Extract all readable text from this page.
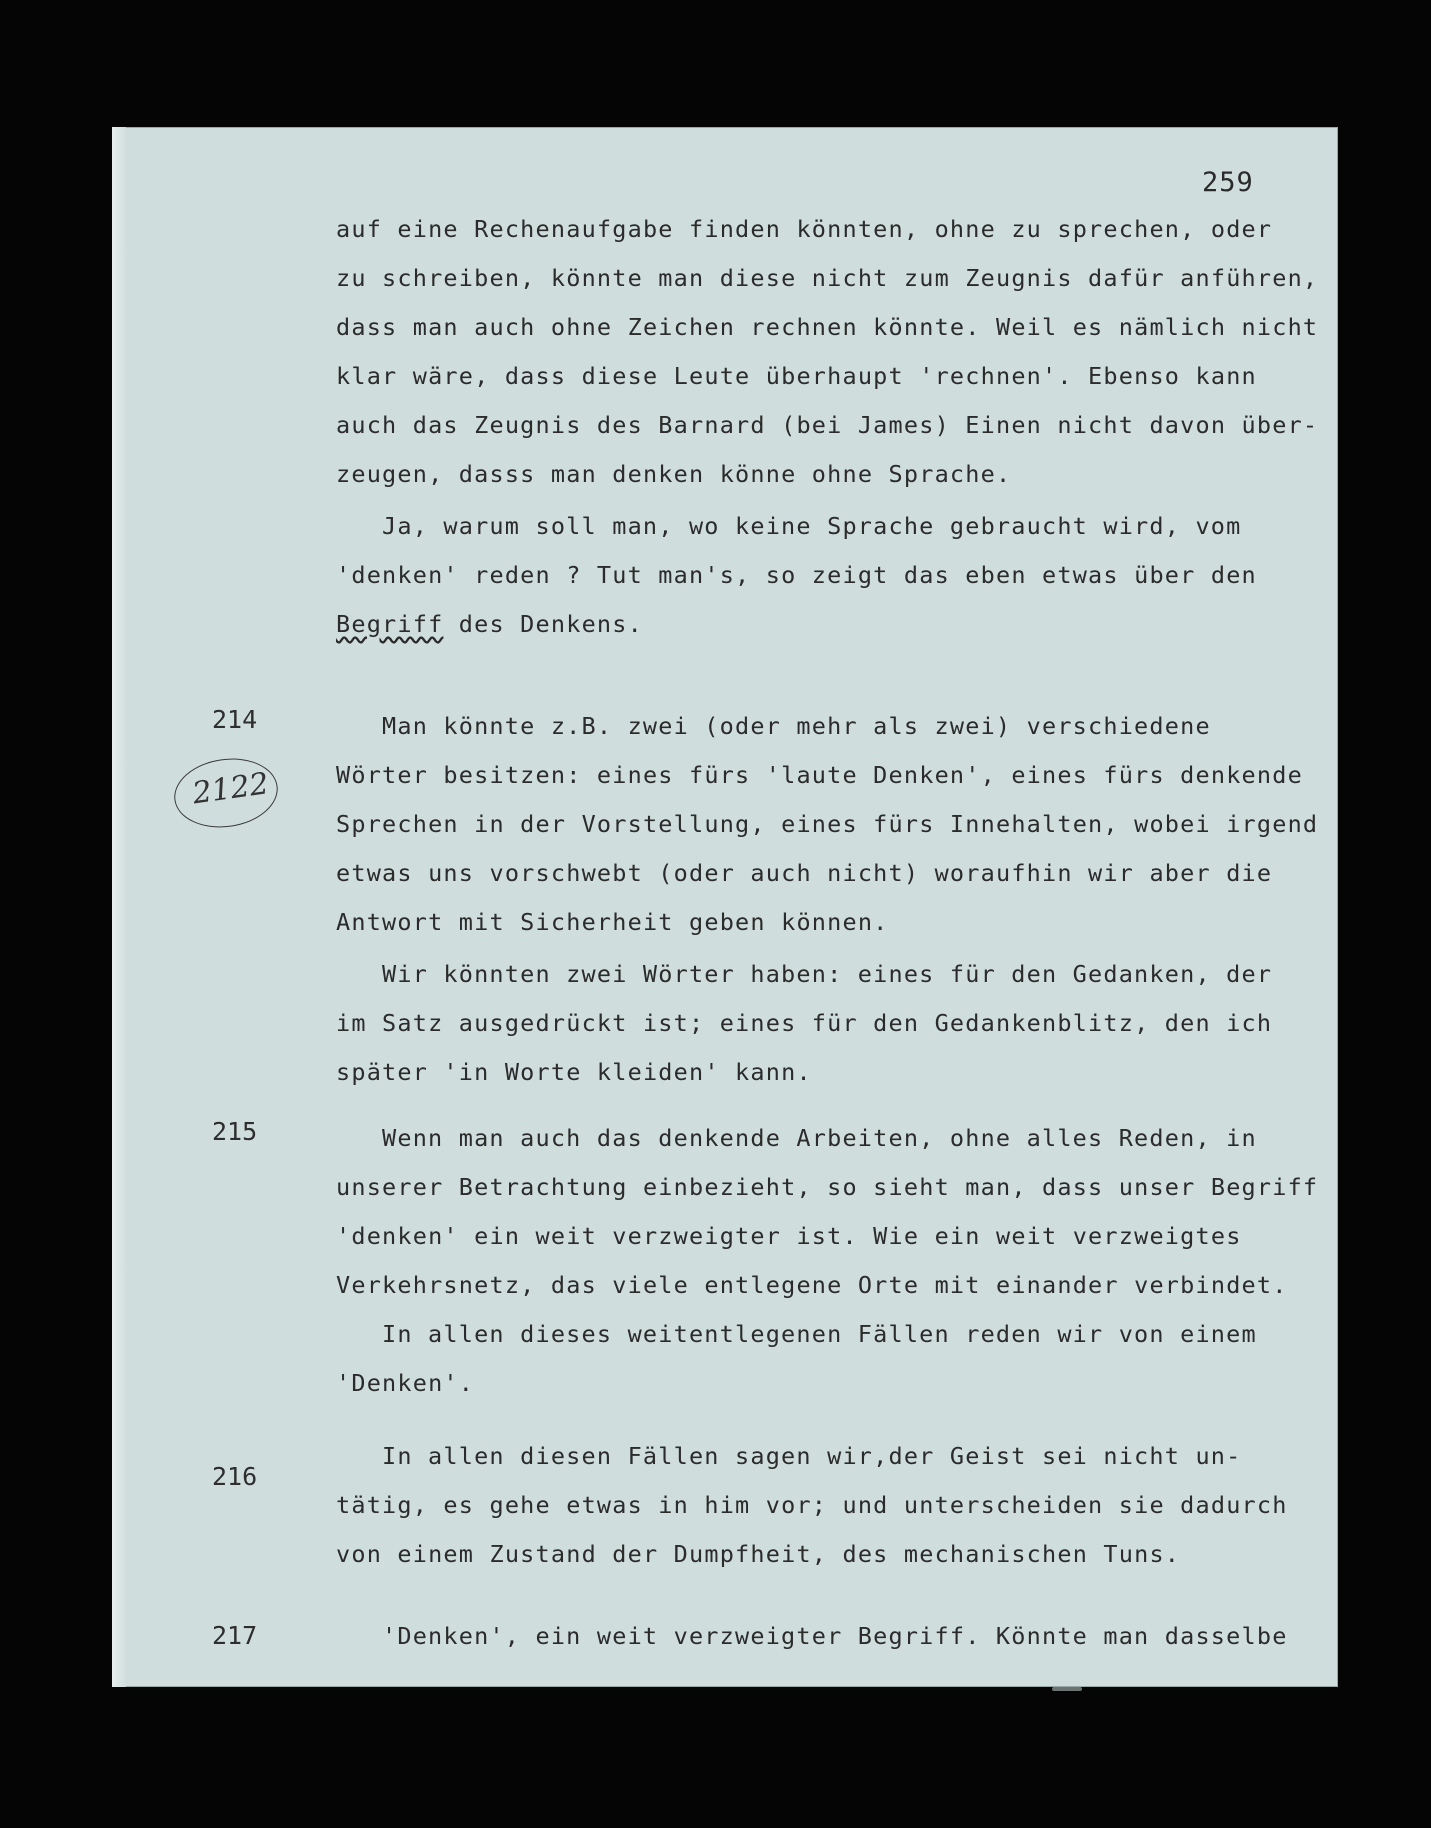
259
auf eine Rechenaufgabe finden könnten, ohne zu sprechen, oder
zu schreiben, könnte man diese nicht zum Zeugnis dafür anführen,
dass man auch ohne Zeichen rechnen könnte. Weil es nämlich nicht
klar wäre, dass diese Leute überhaupt 'rechnen'. Ebenso kann
auch das Zeugnis des Barnard (bei James) Einen nicht davon über-
zeugen, dasss man denken könne ohne Sprache.
Ja, warum soll man, wo keine Sprache gebraucht wird, vom
'denken' reden ? Tut man's, so zeigt das eben etwas über den
Begriff des Denkens.
214
2122
Man könnte z.B. zwei (oder mehr als zwei) verschiedene
Wörter besitzen: eines fürs 'laute Denken', eines fürs denkende
Sprechen in der Vorstellung, eines fürs Innehalten, wobei irgend
etwas uns vorschwebt (oder auch nicht) woraufhin wir aber die
Antwort mit Sicherheit geben können.
Wir könnten zwei Wörter haben: eines für den Gedanken, der
im Satz ausgedrückt ist; eines für den Gedankenblitz, den ich
später 'in Worte kleiden' kann.
215	Wenn man auch das denkende Arbeiten, ohne alles Reden, in
unserer Betrachtung einbezieht, so sieht man, dass unser Begriff
'denken' ein weit verzweigter ist. Wie ein weit verzweigtes
Verkehrsnetz, das viele entlegene Orte mit einander verbindet.
In allen dieses weitentlegenen Fällen reden wir von einem
'Denken'.
216
In allen diesen Fällen sagen wir,der Geist sei nicht un-
tätig, es gehe etwas in him vor; und unterscheiden sie dadurch
von einem Zustand der Dumpfheit, des mechanischen Tuns.
217	'Denken', ein weit verzweigter Begriff. Könnte man dasselbe
